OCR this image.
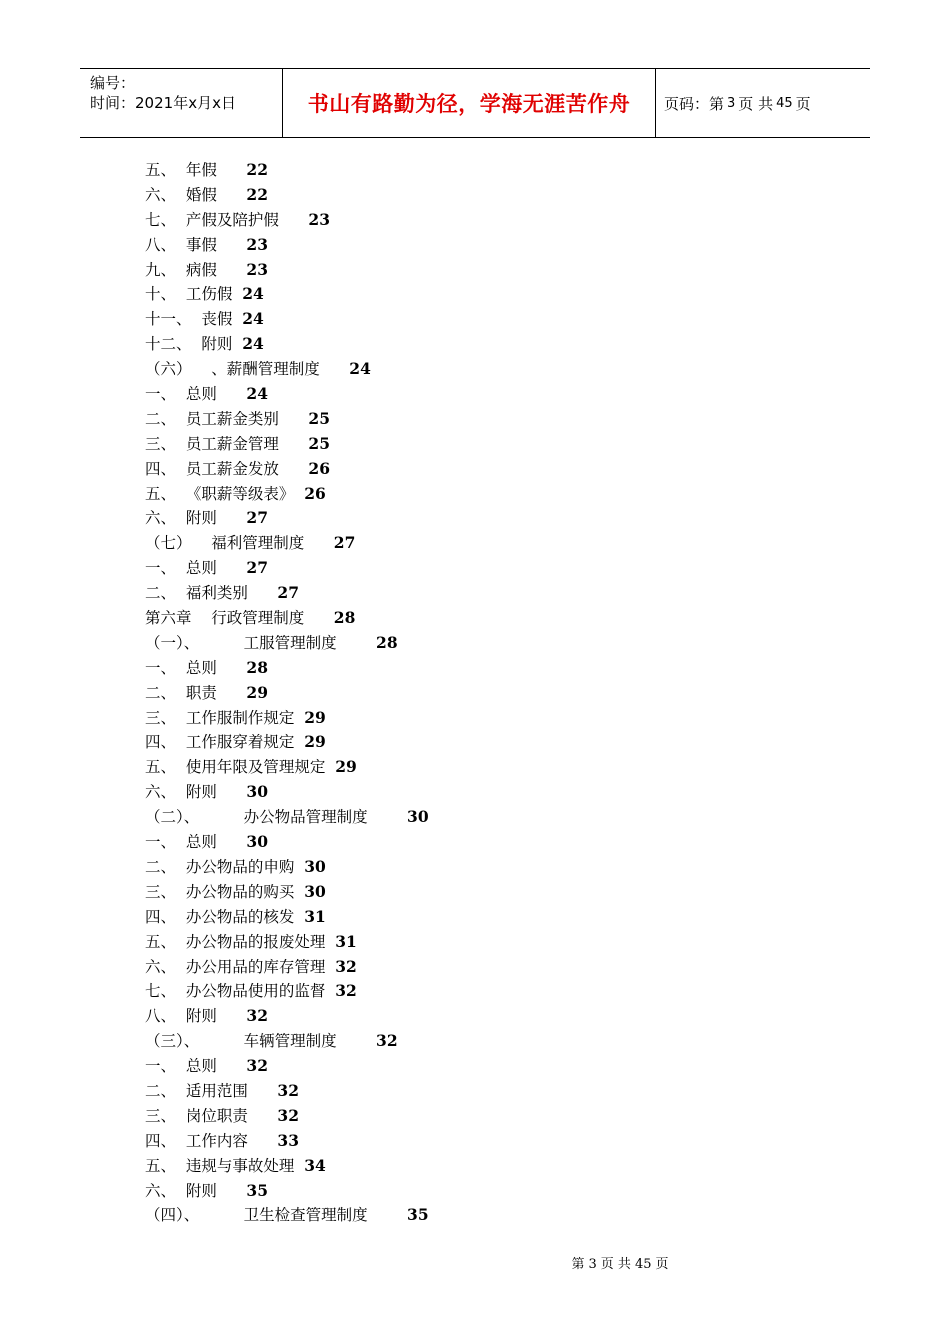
编号：
时间：2021年x月x日	书山有路勤为径，学海无涯苦作舟 页码：第 3 页 共 45 页
五、  年假 22
六、  婚假 22
七、  产假及陪护假 23
八、  事假 23
九、  病假 23
十、  工伤假 24
十一、  丧假 24
十二、  附则 24
（六）    、薪酬管理制度 24
一、  总则 24
二、  员工薪金类别 25
三、  员工薪金管理 25
四、  员工薪金发放 26
五、  《职薪等级表》 26
六、  附则 27
（七）    福利管理制度 27
一、  总则 27
二、  福利类别 27
第六章    行政管理制度 28
（一）、         工服管理制度	28
一、  总则 28
二、  职责 29
三、  工作服制作规定 29
四、  工作服穿着规定 29
五、  使用年限及管理规定 29
六、  附则 30
（二）、         办公物品管理制度	30
一、  总则 30
二、  办公物品的申购 30
三、  办公物品的购买 30
四、  办公物品的核发 31
五、  办公物品的报废处理 31
六、  办公用品的库存管理 32
七、  办公物品使用的监督 32
八、  附则 32
（三）、         车辆管理制度	32
一、  总则 32
二、  适用范围 32
三、  岗位职责 32
四、  工作内容 33
五、  违规与事故处理 34
六、  附则 35
（四）、         卫生检查管理制度	35
第 3 页 共 45 页
